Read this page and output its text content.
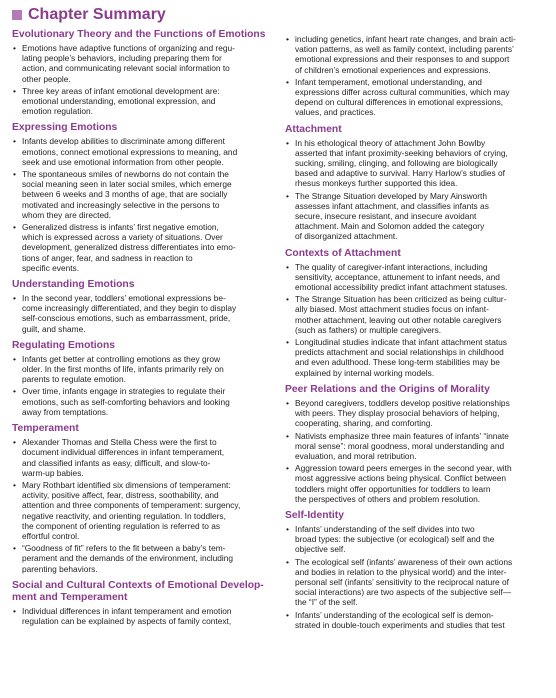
Chapter Summary
Evolutionary Theory and the Functions of Emotions
• Emotions have adaptive functions of organizing and regu-
lating people’s behaviors, including preparing them for
action, and communicating relevant social information to
other people.
• Three key areas of infant emotional development are:
emotional understanding, emotional expression, and
emotion regulation.
Expressing Emotions
• Infants develop abilities to discriminate among different
emotions, connect emotional expressions to meaning, and
seek and use emotional information from other people.
• The spontaneous smiles of newborns do not contain the
social meaning seen in later social smiles, which emerge
between 6 weeks and 3 months of age, that are socially
motivated and increasingly selective in the persons to
whom they are directed.
• Generalized distress is infants’ first negative emotion,
which is expressed across a variety of situations. Over
development, generalized distress differentiates into emo-
tions of anger, fear, and sadness in reaction to
specific events.
Understanding Emotions
• In the second year, toddlers’ emotional expressions be-
come increasingly differentiated, and they begin to display
self-conscious emotions, such as embarrassment, pride,
guilt, and shame.
Regulating Emotions
• Infants get better at controlling emotions as they grow
older. In the first months of life, infants primarily rely on
parents to regulate emotion.
• Over time, infants engage in strategies to regulate their
emotions, such as self-comforting behaviors and looking
away from temptations.
Temperament
• Alexander Thomas and Stella Chess were the first to
document individual differences in infant temperament,
and classified infants as easy, difficult, and slow-to-
warm-up babies.
• Mary Rothbart identified six dimensions of temperament:
activity, positive affect, fear, distress, soothability, and
attention and three components of temperament: surgency,
negative reactivity, and orienting regulation. In toddlers,
the component of orienting regulation is referred to as
effortful control.
• “Goodness of fit” refers to the fit between a baby’s tem-
perament and the demands of the environment, including
parenting behaviors.
Social and Cultural Contexts of Emotional Develop-
ment and Temperament
• Individual differences in infant temperament and emotion
regulation can be explained by aspects of family context,
• including genetics, infant heart rate changes, and brain acti-
vation patterns, as well as family context, including parents’
emotional expressions and their responses to and support
of children’s emotional experiences and expressions.
• Infant temperament, emotional understanding, and
expressions differ across cultural communities, which may
depend on cultural differences in emotional expressions,
values, and practices.
Attachment
• In his ethological theory of attachment John Bowlby
asserted that infant proximity-seeking behaviors of crying,
sucking, smiling, clinging, and following are biologically
based and adaptive to survival. Harry Harlow’s studies of
rhesus monkeys further supported this idea.
• The Strange Situation developed by Mary Ainsworth
assesses infant attachment, and classifies infants as
secure, insecure resistant, and insecure avoidant
attachment. Main and Solomon added the category
of disorganized attachment.
Contexts of Attachment
• The quality of caregiver-infant interactions, including
sensitivity, acceptance, attunement to infant needs, and
emotional accessibility predict infant attachment statuses.
• The Strange Situation has been criticized as being cultur-
ally biased. Most attachment studies focus on infant-
mother attachment, leaving out other notable caregivers
(such as fathers) or multiple caregivers.
• Longitudinal studies indicate that infant attachment status
predicts attachment and social relationships in childhood
and even adulthood. These long-term stabilities may be
explained by internal working models.
Peer Relations and the Origins of Morality
• Beyond caregivers, toddlers develop positive relationships
with peers. They display prosocial behaviors of helping,
cooperating, sharing, and comforting.
• Nativists emphasize three main features of infants’ “innate
moral sense”: moral goodness, moral understanding and
evaluation, and moral retribution.
• Aggression toward peers emerges in the second year, with
most aggressive actions being physical. Conflict between
toddlers might offer opportunities for toddlers to learn
the perspectives of others and problem resolution.
Self-Identity
• Infants’ understanding of the self divides into two
broad types: the subjective (or ecological) self and the
objective self.
• The ecological self (infants’ awareness of their own actions
and bodies in relation to the physical world) and the inter-
personal self (infants’ sensitivity to the reciprocal nature of
social interactions) are two aspects of the subjective self—
the “I” of the self.
• Infants’ understanding of the ecological self is demon-
strated in double-touch experiments and studies that test
